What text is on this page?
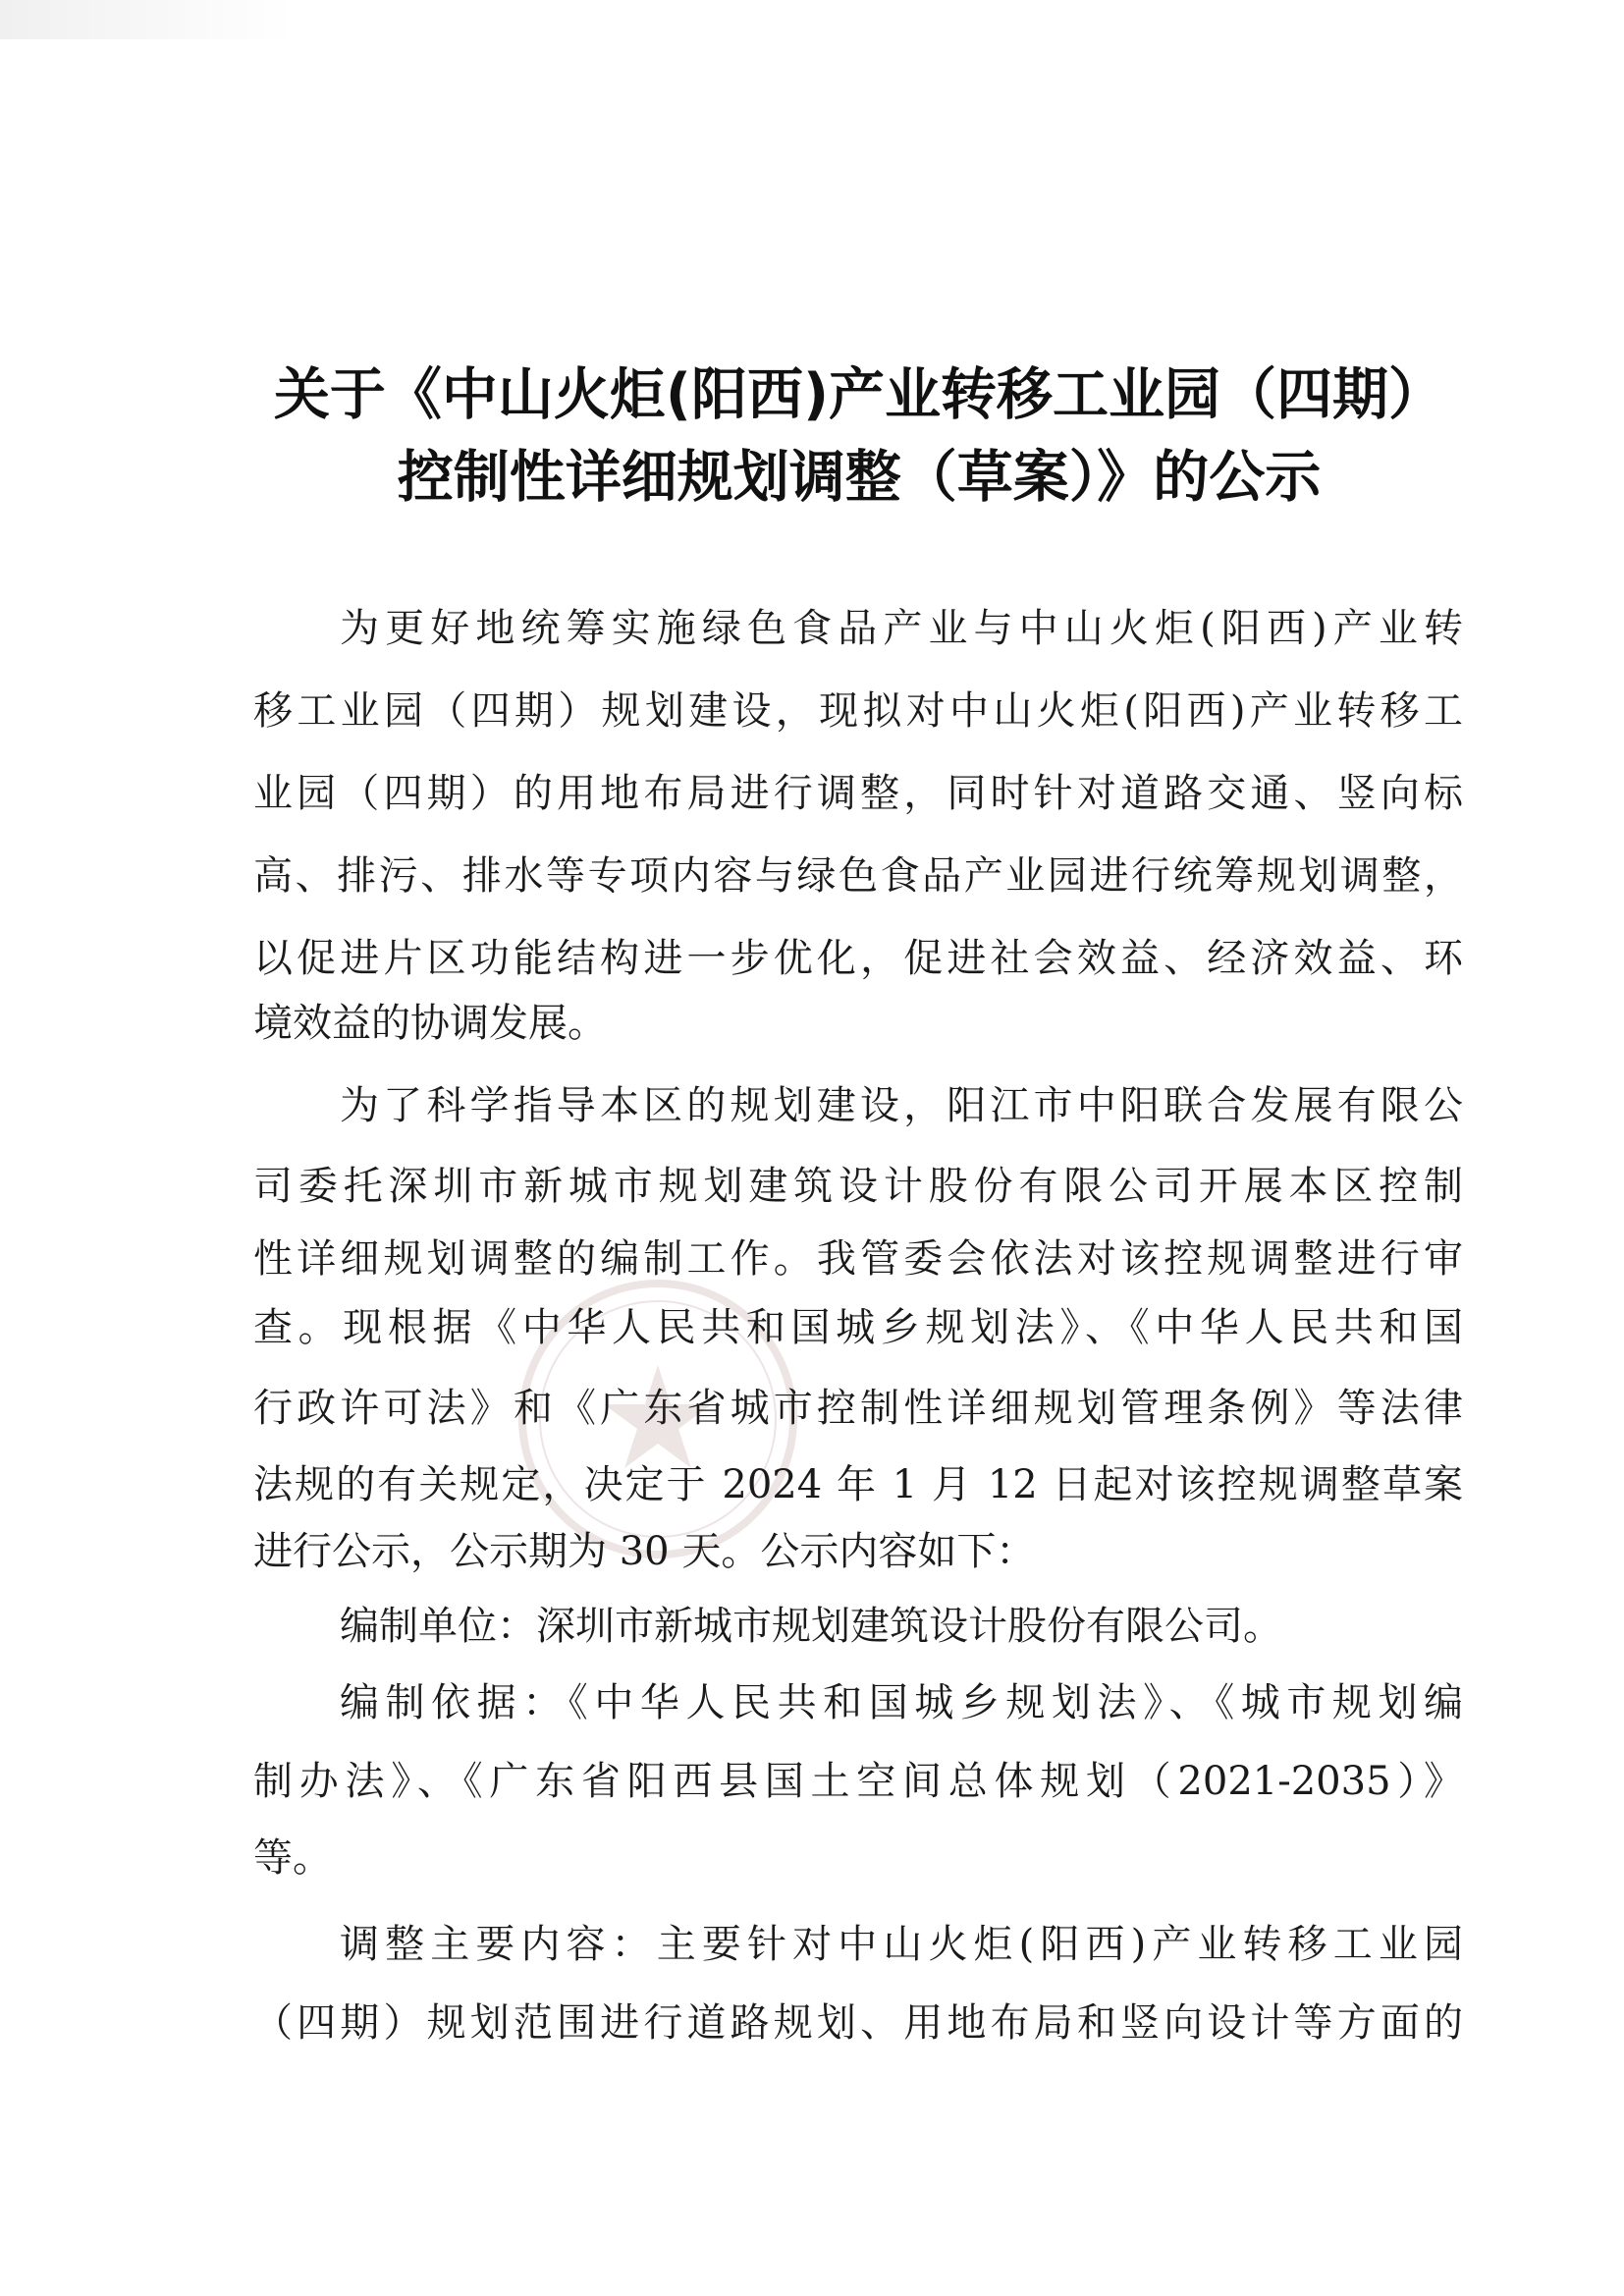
关于《中山火炬(阳西)产业转移工业园（四期）
控制性详细规划调整（草案）》的公示
为更好地统筹实施绿色食品产业与中山火炬(阳西)产业转
移工业园（四期）规划建设，现拟对中山火炬(阳西)产业转移工
业园（四期）的用地布局进行调整，同时针对道路交通、竖向标
高、排污、排水等专项内容与绿色食品产业园进行统筹规划调整，
以促进片区功能结构进一步优化，促进社会效益、经济效益、环
境效益的协调发展。
为了科学指导本区的规划建设，阳江市中阳联合发展有限公
司委托深圳市新城市规划建筑设计股份有限公司开展本区控制
性详细规划调整的编制工作。我管委会依法对该控规调整进行审
查。现根据《中华人民共和国城乡规划法》、《中华人民共和国
行政许可法》和《广东省城市控制性详细规划管理条例》等法律
法规的有关规定，决定于 2024 年 1 月 12 日起对该控规调整草案
进行公示，公示期为 30 天。公示内容如下：
编制单位：深圳市新城市规划建筑设计股份有限公司。
编制依据：《中华人民共和国城乡规划法》、《城市规划编
制办法》、《广东省阳西县国土空间总体规划（2021-2035）》
等。
调整主要内容：主要针对中山火炬(阳西)产业转移工业园
（四期）规划范围进行道路规划、用地布局和竖向设计等方面的
